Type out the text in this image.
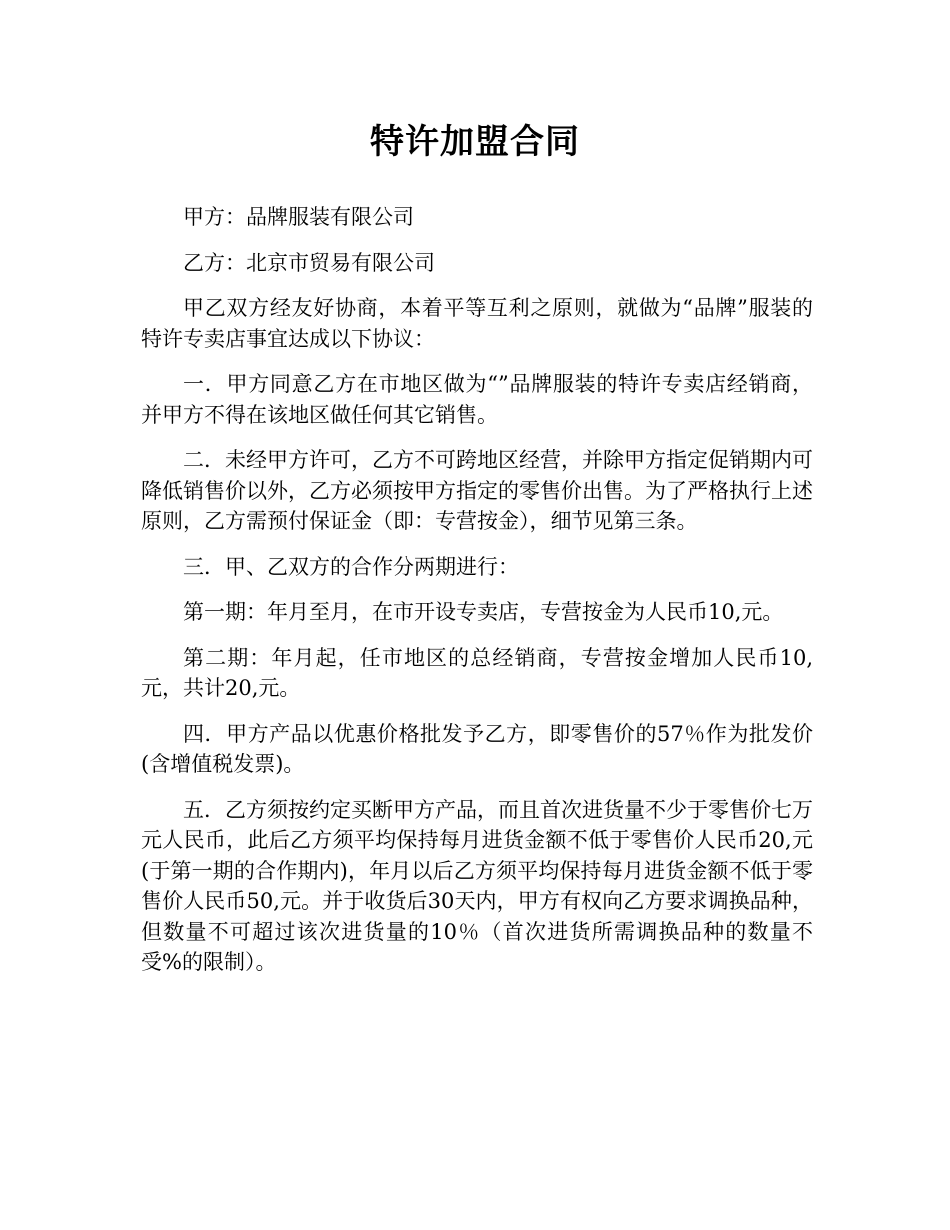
特许加盟合同

甲方：品牌服装有限公司

乙方：北京市贸易有限公司

甲乙双方经友好协商，本着平等互利之原则，就做为“品牌”服装的特许专卖店事宜达成以下协议：

一．甲方同意乙方在市地区做为“”品牌服装的特许专卖店经销商，并甲方不得在该地区做任何其它销售。

二．未经甲方许可，乙方不可跨地区经营，并除甲方指定促销期内可降低销售价以外，乙方必须按甲方指定的零售价出售。为了严格执行上述原则，乙方需预付保证金（即：专营按金），细节见第三条。

三．甲、乙双方的合作分两期进行：

第一期：年月至月，在市开设专卖店，专营按金为人民币10,元。

第二期：年月起，任市地区的总经销商，专营按金增加人民币10,元，共计20,元。

四．甲方产品以优惠价格批发予乙方，即零售价的57％作为批发价(含增值税发票)。

五．乙方须按约定买断甲方产品，而且首次进货量不少于零售价七万元人民币，此后乙方须平均保持每月进货金额不低于零售价人民币20,元(于第一期的合作期内)，年月以后乙方须平均保持每月进货金额不低于零售价人民币50,元。并于收货后30天内，甲方有权向乙方要求调换品种，但数量不可超过该次进货量的10％（首次进货所需调换品种的数量不受%的限制）。
